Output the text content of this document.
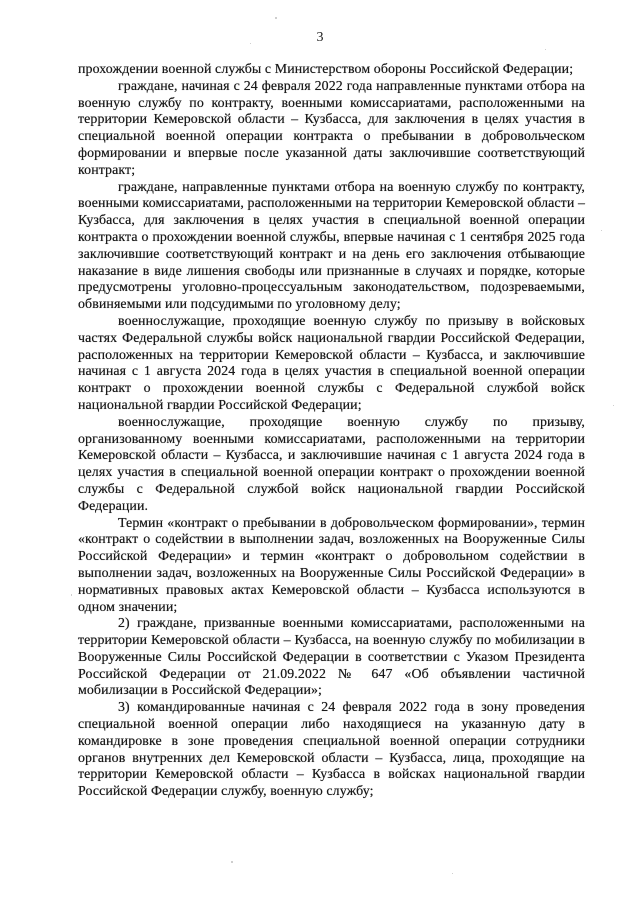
3

прохождении военной службы с Министерством обороны Российской Федерации;

граждане, начиная с 24 февраля 2022 года направленные пунктами отбора на военную службу по контракту, военными комиссариатами, расположенными на территории Кемеровской области – Кузбасса, для заключения в целях участия в специальной военной операции контракта о пребывании в добровольческом формировании и впервые после указанной даты заключившие соответствующий контракт;

граждане, направленные пунктами отбора на военную службу по контракту, военными комиссариатами, расположенными на территории Кемеровской области – Кузбасса, для заключения в целях участия в специальной военной операции контракта о прохождении военной службы, впервые начиная с 1 сентября 2025 года заключившие соответствующий контракт и на день его заключения отбывающие наказание в виде лишения свободы или признанные в случаях и порядке, которые предусмотрены уголовно-процессуальным законодательством, подозреваемыми, обвиняемыми или подсудимыми по уголовному делу;

военнослужащие, проходящие военную службу по призыву в войсковых частях Федеральной службы войск национальной гвардии Российской Федерации, расположенных на территории Кемеровской области – Кузбасса, и заключившие начиная с 1 августа 2024 года в целях участия в специальной военной операции контракт о прохождении военной службы с Федеральной службой войск национальной гвардии Российской Федерации;

военнослужащие, проходящие военную службу по призыву, организованному военными комиссариатами, расположенными на территории Кемеровской области – Кузбасса, и заключившие начиная с 1 августа 2024 года в целях участия в специальной военной операции контракт о прохождении военной службы с Федеральной службой войск национальной гвардии Российской Федерации.

Термин «контракт о пребывании в добровольческом формировании», термин «контракт о содействии в выполнении задач, возложенных на Вооруженные Силы Российской Федерации» и термин «контракт о добровольном содействии в выполнении задач, возложенных на Вооруженные Силы Российской Федерации» в нормативных правовых актах Кемеровской области – Кузбасса используются в одном значении;

2) граждане, призванные военными комиссариатами, расположенными на территории Кемеровской области – Кузбасса, на военную службу по мобилизации в Вооруженные Силы Российской Федерации в соответствии с Указом Президента Российской Федерации от 21.09.2022 № 647 «Об объявлении частичной мобилизации в Российской Федерации»;

3) командированные начиная с 24 февраля 2022 года в зону проведения специальной военной операции либо находящиеся на указанную дату в командировке в зоне проведения специальной военной операции сотрудники органов внутренних дел Кемеровской области – Кузбасса, лица, проходящие на территории Кемеровской области – Кузбасса в войсках национальной гвардии Российской Федерации службу, военную службу;
